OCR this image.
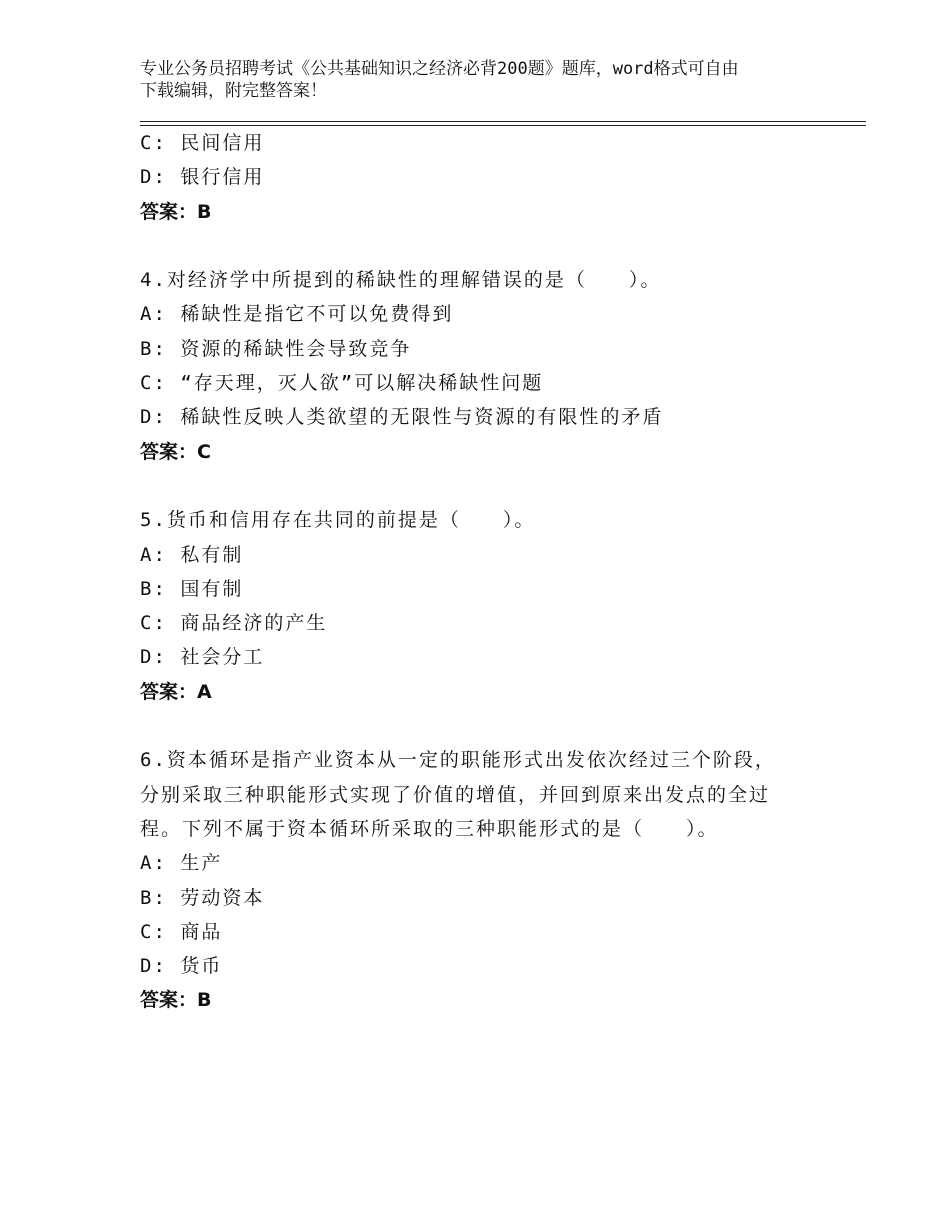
专业公务员招聘考试《公共基础知识之经济必背200题》题库，word格式可自由
下载编辑，附完整答案！
C: 民间信用
D: 银行信用
答案：B
4.对经济学中所提到的稀缺性的理解错误的是（　　）。
A: 稀缺性是指它不可以免费得到
B: 资源的稀缺性会导致竞争
C: “存天理，灭人欲”可以解决稀缺性问题
D: 稀缺性反映人类欲望的无限性与资源的有限性的矛盾
答案：C
5.货币和信用存在共同的前提是（　　）。
A: 私有制
B: 国有制
C: 商品经济的产生
D: 社会分工
答案：A
6.资本循环是指产业资本从一定的职能形式出发依次经过三个阶段，
分别采取三种职能形式实现了价值的增值，并回到原来出发点的全过
程。下列不属于资本循环所采取的三种职能形式的是（　　）。
A: 生产
B: 劳动资本
C: 商品
D: 货币
答案：B
